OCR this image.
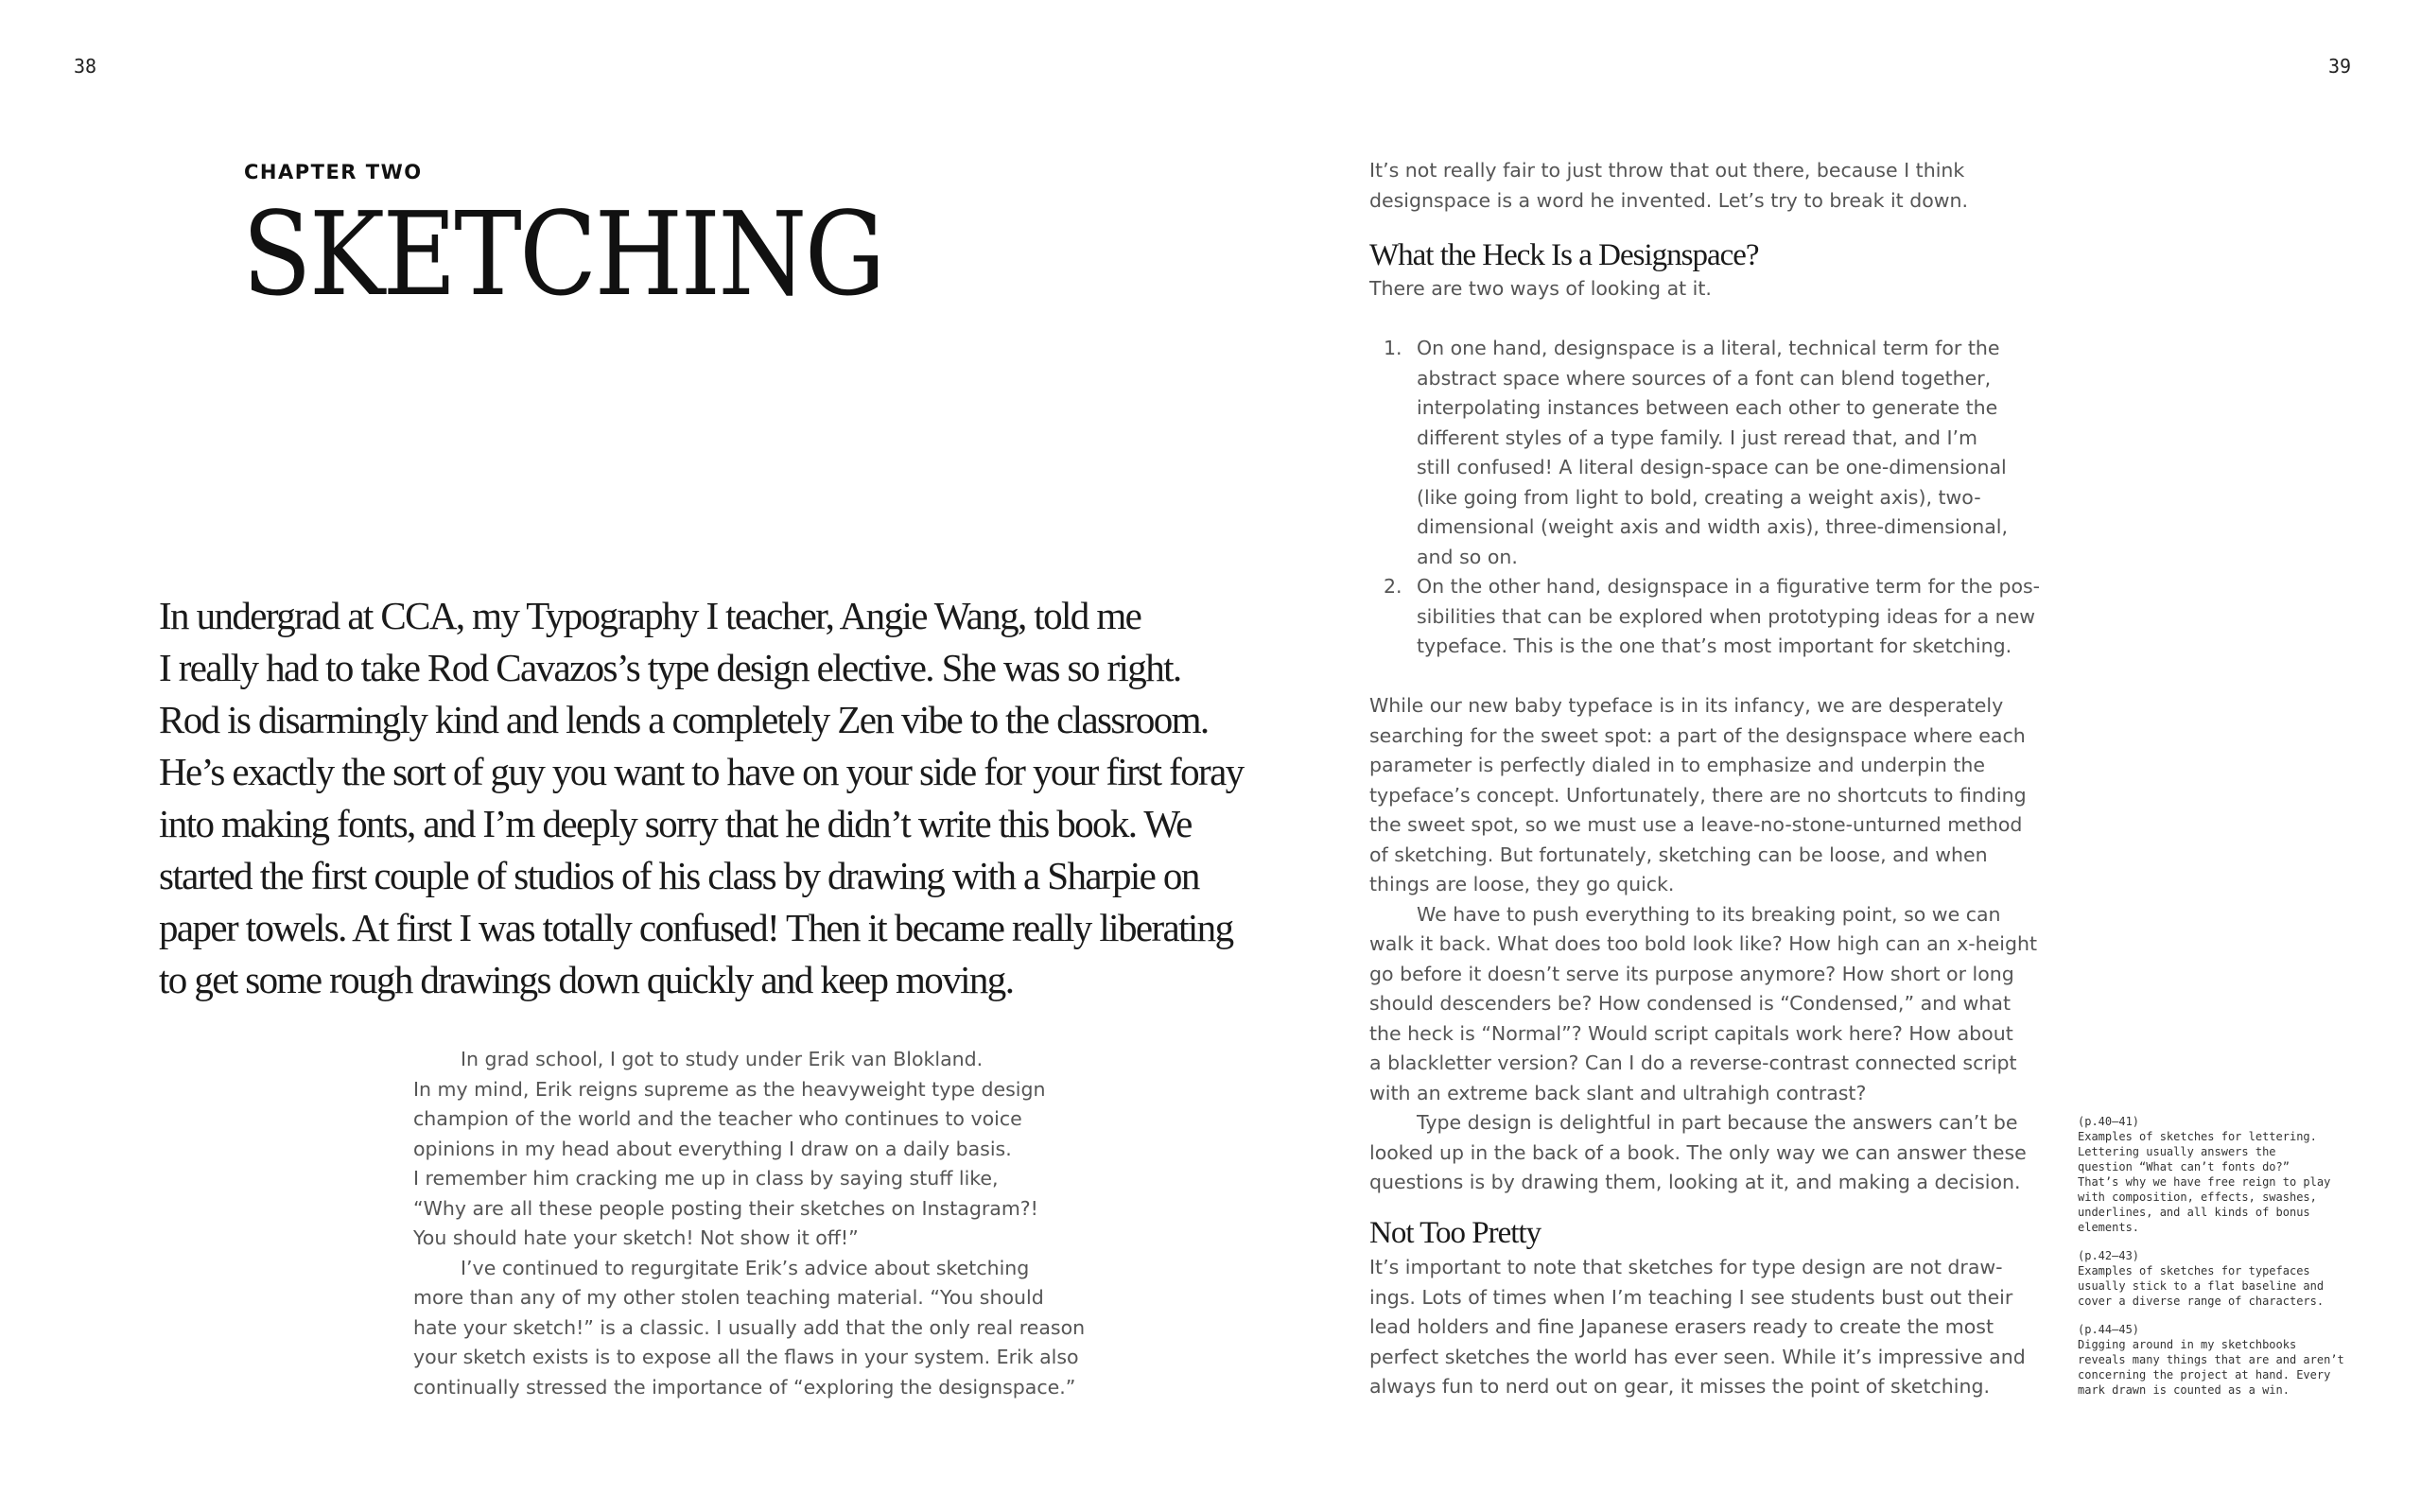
38	39
CHAPTER TWO
SKETCHING
In undergrad at CCA, my Typography I teacher, Angie Wang, told me
I really had to take Rod Cavazos’s type design elective. She was so right.
Rod is disarmingly kind and lends a completely Zen vibe to the classroom.
He’s exactly the sort of guy you want to have on your side for your first foray
into making fonts, and I’m deeply sorry that he didn’t write this book. We
started the first couple of studios of his class by drawing with a Sharpie on
paper towels. At first I was totally confused! Then it became really liberating
to get some rough drawings down quickly and keep moving.
In grad school, I got to study under Erik van Blokland.
In my mind, Erik reigns supreme as the heavyweight type design
champion of the world and the teacher who continues to voice
opinions in my head about everything I draw on a daily basis.
I remember him cracking me up in class by saying stuff like,
“Why are all these people posting their sketches on Instagram?!
You should hate your sketch! Not show it off!”
I’ve continued to regurgitate Erik’s advice about sketching
more than any of my other stolen teaching material. “You should
hate your sketch!” is a classic. I usually add that the only real reason
your sketch exists is to expose all the flaws in your system. Erik also
continually stressed the importance of “exploring the designspace.”
It’s not really fair to just throw that out there, because I think
designspace is a word he invented. Let’s try to break it down.
What the Heck Is a Designspace?
There are two ways of looking at it.
1. On one hand, designspace is a literal, technical term for the
abstract space where sources of a font can blend together,
interpolating instances between each other to generate the
different styles of a type family. I just reread that, and I’m
still confused! A literal design-space can be one-dimensional
(like going from light to bold, creating a weight axis), two-
dimensional (weight axis and width axis), three-dimensional,
and so on.
2. On the other hand, designspace in a figurative term for the pos-
sibilities that can be explored when prototyping ideas for a new
typeface. This is the one that’s most important for sketching.
While our new baby typeface is in its infancy, we are desperately
searching for the sweet spot: a part of the designspace where each
parameter is perfectly dialed in to emphasize and underpin the
typeface’s concept. Unfortunately, there are no shortcuts to finding
the sweet spot, so we must use a leave-no-stone-unturned method
of sketching. But fortunately, sketching can be loose, and when
things are loose, they go quick.
We have to push everything to its breaking point, so we can
walk it back. What does too bold look like? How high can an x-height
go before it doesn’t serve its purpose anymore? How short or long
should descenders be? How condensed is “Condensed,” and what
the heck is “Normal”? Would script capitals work here? How about
a blackletter version? Can I do a reverse-contrast connected script
with an extreme back slant and ultrahigh contrast?
Type design is delightful in part because the answers can’t be
looked up in the back of a book. The only way we can answer these
questions is by drawing them, looking at it, and making a decision.
Not Too Pretty
It’s important to note that sketches for type design are not draw-
ings. Lots of times when I’m teaching I see students bust out their
lead holders and fine Japanese erasers ready to create the most
perfect sketches the world has ever seen. While it’s impressive and
always fun to nerd out on gear, it misses the point of sketching.
(p.40–41)
Examples of sketches for lettering.
Lettering usually answers the
question “What can’t fonts do?”
That’s why we have free reign to play
with composition, effects, swashes,
underlines, and all kinds of bonus
elements.
(p.42–43)
Examples of sketches for typefaces
usually stick to a flat baseline and
cover a diverse range of characters.
(p.44–45)
Digging around in my sketchbooks
reveals many things that are and aren’t
concerning the project at hand. Every
mark drawn is counted as a win.
